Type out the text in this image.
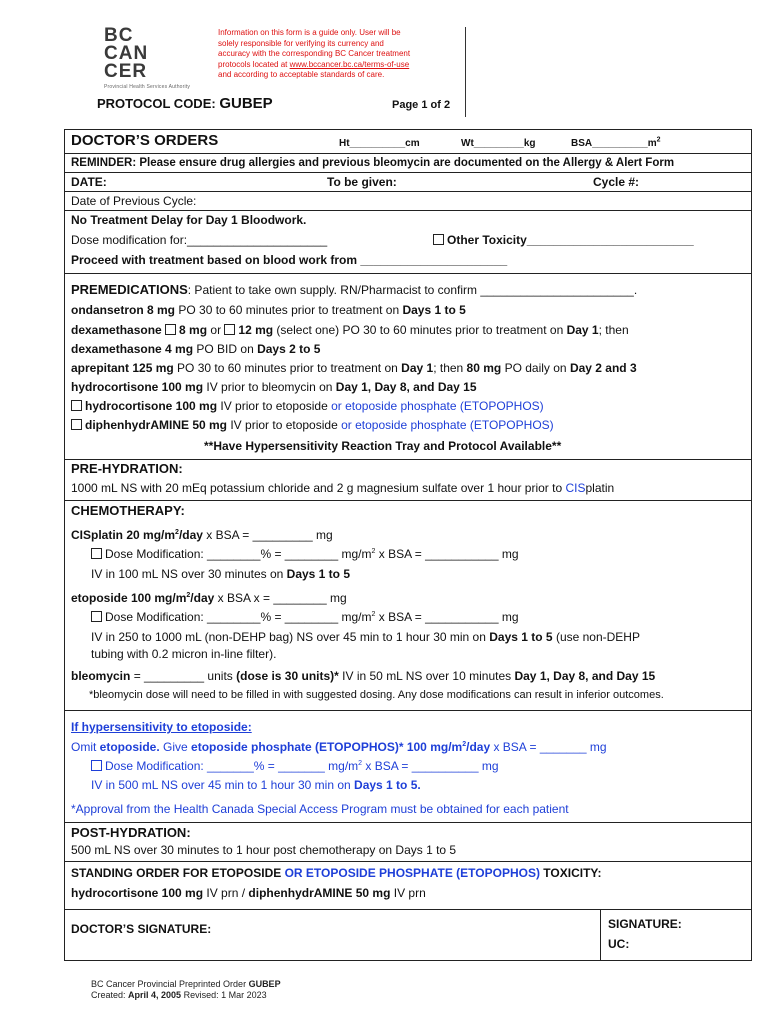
BC
CAN
CER
Provincial Health Services Authority
Information on this form is a guide only. User will be
solely responsible for verifying its currency and
accuracy with the corresponding BC Cancer treatment
protocols located at www.bccancer.bc.ca/terms-of-use
and according to acceptable standards of care.
PROTOCOL CODE: GUBEP	Page 1 of 2
DOCTOR’S ORDERS	Ht__________cm	Wt_________kg	$BSA\_\_\_\_\_\_\_\_\_\_m^2$
REMINDER: Please ensure drug allergies and previous bleomycin are documented on the Allergy & Alert Form
DATE:	To be given:	Cycle #:
Date of Previous Cycle:
No Treatment Delay for Day 1 Bloodwork.
Dose modification for:_____________________	Other Toxicity_________________________
Proceed with treatment based on blood work from ______________________
PREMEDICATIONS: Patient to take own supply. RN/Pharmacist to confirm _______________________.
ondansetron 8 mg PO 30 to 60 minutes prior to treatment on Days 1 to 5
dexamethasone 8 mg or 12 mg (select one) PO 30 to 60 minutes prior to treatment on Day 1; then
dexamethasone 4 mg PO BID on Days 2 to 5
aprepitant 125 mg PO 30 to 60 minutes prior to treatment on Day 1; then 80 mg PO daily on Day 2 and 3
hydrocortisone 100 mg IV prior to bleomycin on Day 1, Day 8, and Day 15
hydrocortisone 100 mg IV prior to etoposide or etoposide phosphate (ETOPOPHOS)
diphenhydrAMINE 50 mg IV prior to etoposide or etoposide phosphate (ETOPOPHOS)
**Have Hypersensitivity Reaction Tray and Protocol Available**
PRE-HYDRATION:
1000 mL NS with 20 mEq potassium chloride and 2 g magnesium sulfate over 1 hour prior to CISplatin
CHEMOTHERAPY:
CISplatin 20 $mg/m^2$/day x BSA = _________ mg
Dose Modification: ________% = ________ $mg/m^2$ x BSA = ___________ mg
IV in 100 mL NS over 30 minutes on Days 1 to 5
etoposide 100 $mg/m^2$/day x BSA x = ________ mg
Dose Modification: ________% = ________ $mg/m^2$ x BSA = ___________ mg
IV in 250 to 1000 mL (non-DEHP bag) NS over 45 min to 1 hour 30 min on Days 1 to 5 (use non-DEHP
tubing with 0.2 micron in-line filter).
bleomycin = _________ units (dose is 30 units)* IV in 50 mL NS over 10 minutes Day 1, Day 8, and Day 15
*bleomycin dose will need to be filled in with suggested dosing. Any dose modifications can result in inferior outcomes.
If hypersensitivity to etoposide:
Omit etoposide. Give etoposide phosphate (ETOPOPHOS)* 100 $mg/m^2$/day x BSA = _______ mg
Dose Modification: _______% = _______ $mg/m^2$ x BSA = __________ mg
IV in 500 mL NS over 45 min to 1 hour 30 min on Days 1 to 5.
*Approval from the Health Canada Special Access Program must be obtained for each patient
POST-HYDRATION:
500 mL NS over 30 minutes to 1 hour post chemotherapy on Days 1 to 5
STANDING ORDER FOR ETOPOSIDE OR ETOPOSIDE PHOSPHATE (ETOPOPHOS) TOXICITY:
hydrocortisone 100 mg IV prn / diphenhydrAMINE 50 mg IV prn
DOCTOR’S SIGNATURE:	SIGNATURE:
UC:
BC Cancer Provincial Preprinted Order GUBEP
Created: April 4, 2005 Revised: 1 Mar 2023
